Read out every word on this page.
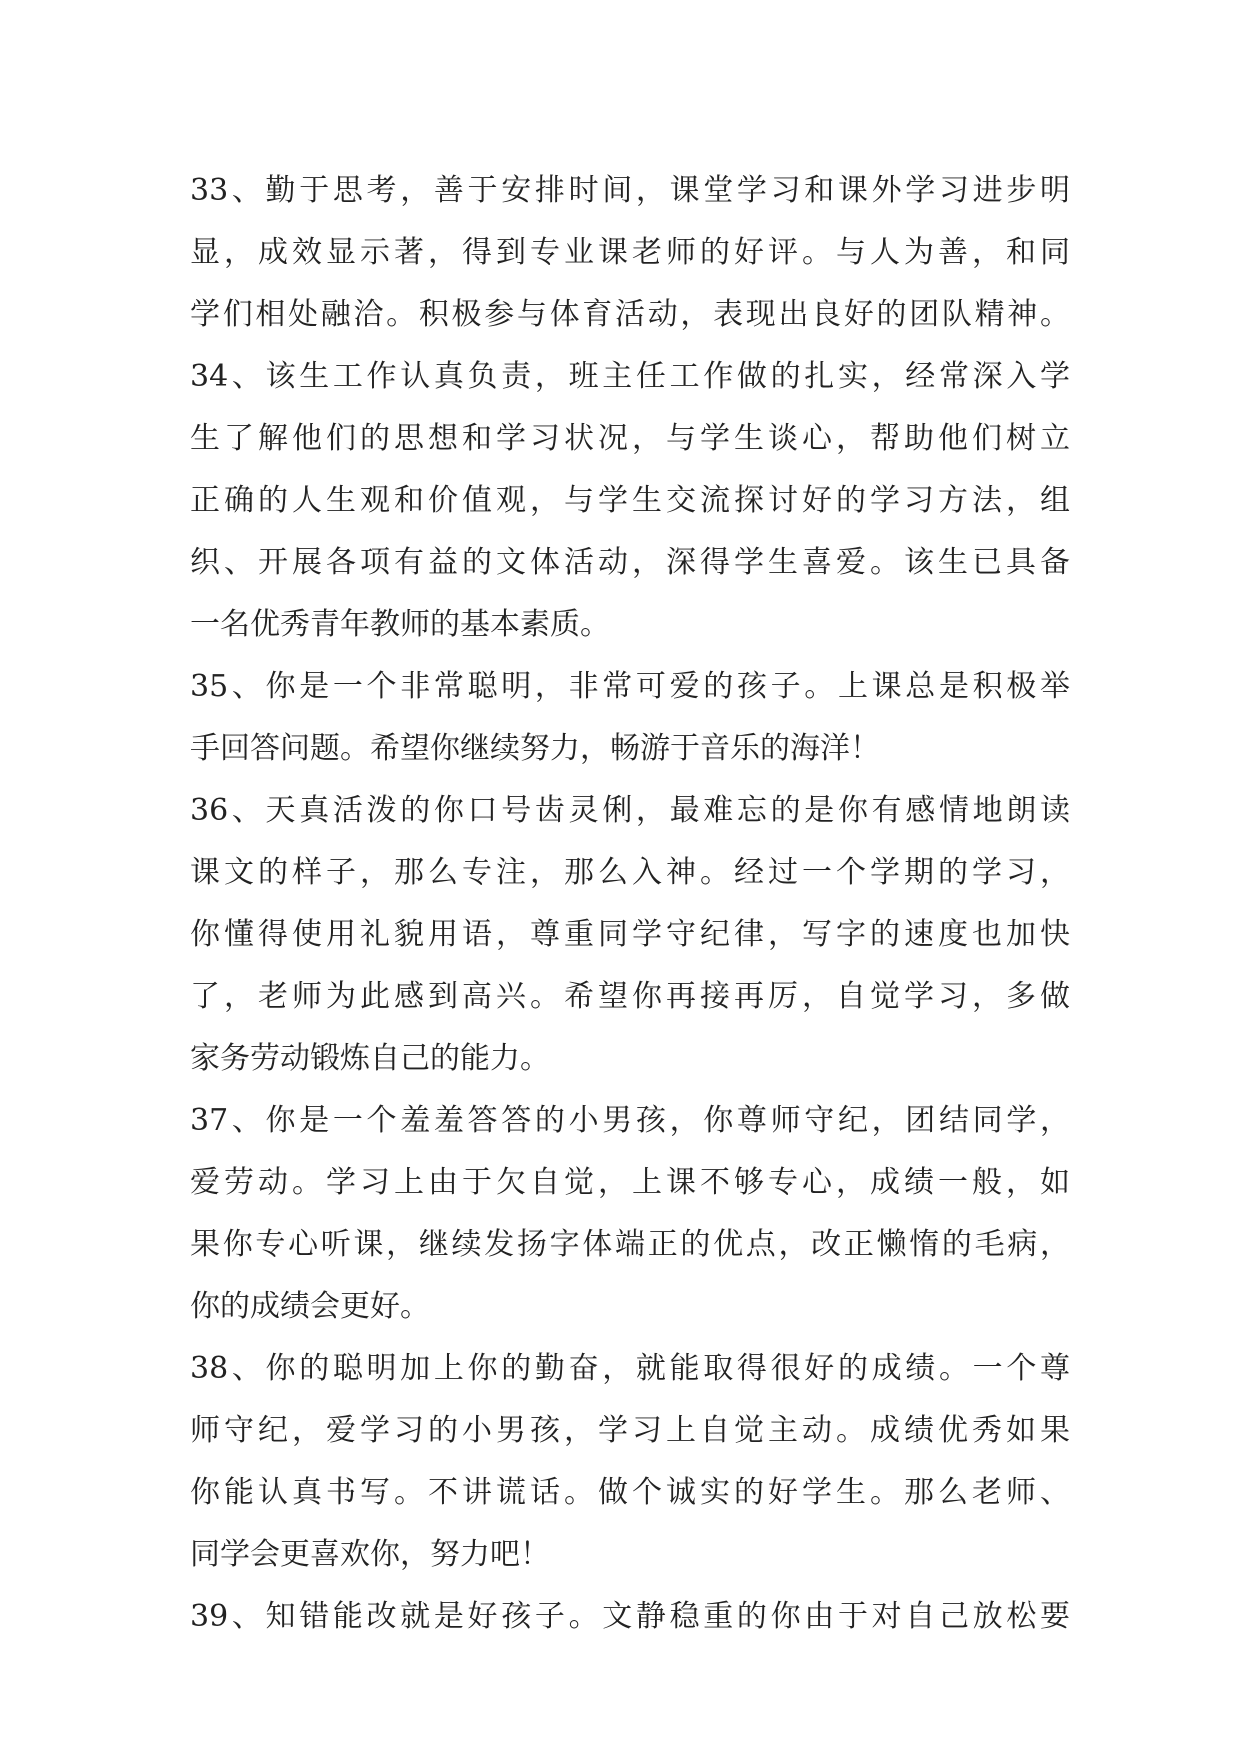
33、勤于思考，善于安排时间，课堂学习和课外学习进步明
显，成效显示著，得到专业课老师的好评。与人为善，和同
学们相处融洽。积极参与体育活动，表现出良好的团队精神。
34、该生工作认真负责，班主任工作做的扎实，经常深入学
生了解他们的思想和学习状况，与学生谈心，帮助他们树立
正确的人生观和价值观，与学生交流探讨好的学习方法，组
织、开展各项有益的文体活动，深得学生喜爱。该生已具备
一名优秀青年教师的基本素质。
35、你是一个非常聪明，非常可爱的孩子。上课总是积极举
手回答问题。希望你继续努力，畅游于音乐的海洋！
36、天真活泼的你口号齿灵俐，最难忘的是你有感情地朗读
课文的样子，那么专注，那么入神。经过一个学期的学习，
你懂得使用礼貌用语，尊重同学守纪律，写字的速度也加快
了，老师为此感到高兴。希望你再接再厉，自觉学习，多做
家务劳动锻炼自己的能力。
37、你是一个羞羞答答的小男孩，你尊师守纪，团结同学，
爱劳动。学习上由于欠自觉，上课不够专心，成绩一般，如
果你专心听课，继续发扬字体端正的优点，改正懒惰的毛病，
你的成绩会更好。
38、你的聪明加上你的勤奋，就能取得很好的成绩。一个尊
师守纪，爱学习的小男孩，学习上自觉主动。成绩优秀如果
你能认真书写。不讲谎话。做个诚实的好学生。那么老师、
同学会更喜欢你，努力吧！
39、知错能改就是好孩子。文静稳重的你由于对自己放松要
